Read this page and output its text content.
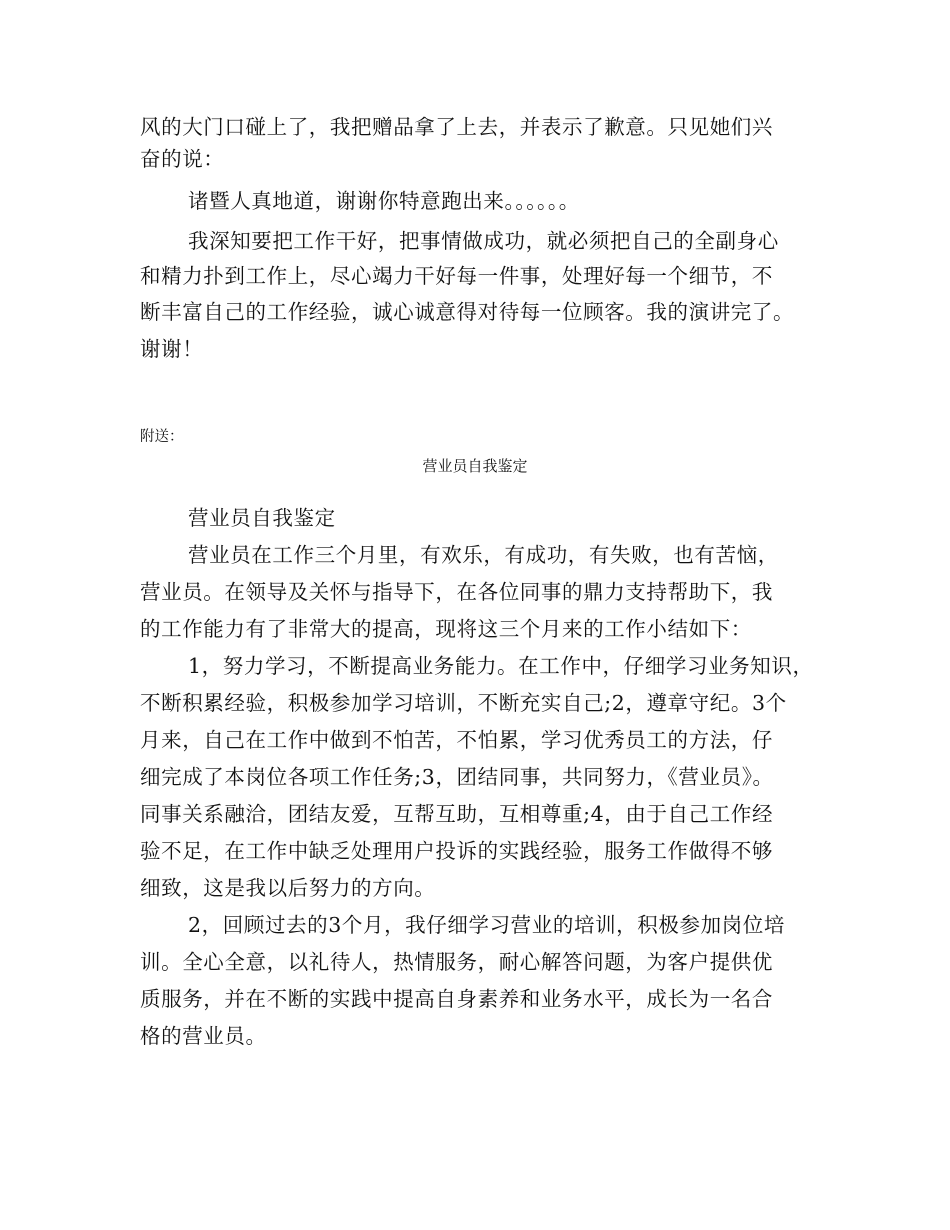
风的大门口碰上了，我把赠品拿了上去，并表示了歉意。只见她们兴
奋的说：
诸暨人真地道，谢谢你特意跑出来。。。。。。
我深知要把工作干好，把事情做成功，就必须把自己的全副身心
和精力扑到工作上，尽心竭力干好每一件事，处理好每一个细节，不
断丰富自己的工作经验，诚心诚意得对待每一位顾客。我的演讲完了。
谢谢！
附送：
营业员自我鉴定
营业员自我鉴定
营业员在工作三个月里，有欢乐，有成功，有失败，也有苦恼，
营业员。在领导及关怀与指导下，在各位同事的鼎力支持帮助下，我
的工作能力有了非常大的提高，现将这三个月来的工作小结如下：
1，努力学习，不断提高业务能力。在工作中，仔细学习业务知识，
不断积累经验，积极参加学习培训，不断充实自己;2，遵章守纪。3个
月来，自己在工作中做到不怕苦，不怕累，学习优秀员工的方法，仔
细完成了本岗位各项工作任务;3，团结同事，共同努力，《营业员》。
同事关系融洽，团结友爱，互帮互助，互相尊重;4，由于自己工作经
验不足，在工作中缺乏处理用户投诉的实践经验，服务工作做得不够
细致，这是我以后努力的方向。
2，回顾过去的3个月，我仔细学习营业的培训，积极参加岗位培
训。全心全意，以礼待人，热情服务，耐心解答问题，为客户提供优
质服务，并在不断的实践中提高自身素养和业务水平，成长为一名合
格的营业员。
